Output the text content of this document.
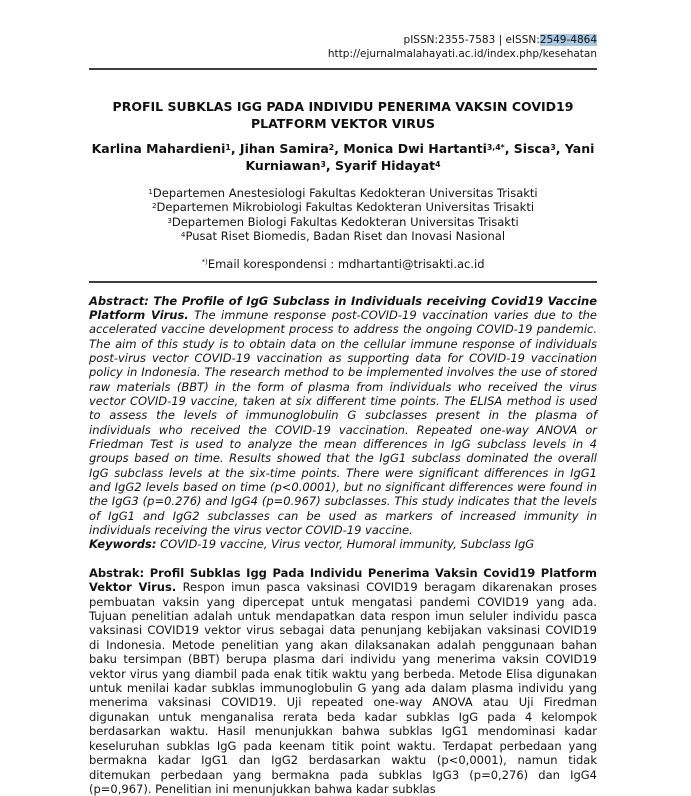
pISSN:2355-7583 | eISSN:2549-4864
http://ejurnalmalahayati.ac.id/index.php/kesehatan
PROFIL SUBKLAS IGG PADA INDIVIDU PENERIMA VAKSIN COVID19 PLATFORM VEKTOR VIRUS
Karlina Mahardieni$^1$, Jihan Samira$^2$, Monica Dwi Hartanti$^{3,4*}$, Sisca$^3$, Yani Kurniawan$^3$, Syarif Hidayat$^4$
$^1$Departemen Anestesiologi Fakultas Kedokteran Universitas Trisakti
$^2$Departemen Mikrobiologi Fakultas Kedokteran Universitas Trisakti
$^3$Departemen Biologi Fakultas Kedokteran Universitas Trisakti
$^4$Pusat Riset Biomedis, Badan Riset dan Inovasi Nasional
*)Email korespondensi : mdhartanti@trisakti.ac.id

Abstract: The Profile of IgG Subclass in Individuals receiving Covid19 Vaccine Platform Virus. The immune response post-COVID-19 vaccination varies due to the accelerated vaccine development process to address the ongoing COVID-19 pandemic. The aim of this study is to obtain data on the cellular immune response of individuals post-virus vector COVID-19 vaccination as supporting data for COVID-19 vaccination policy in Indonesia. The research method to be implemented involves the use of stored raw materials (BBT) in the form of plasma from individuals who received the virus vector COVID-19 vaccine, taken at six different time points. The ELISA method is used to assess the levels of immunoglobulin G subclasses present in the plasma of individuals who received the COVID-19 vaccination. Repeated one-way ANOVA or Friedman Test is used to analyze the mean differences in IgG subclass levels in 4 groups based on time. Results showed that the IgG1 subclass dominated the overall IgG subclass levels at the six-time points. There were significant differences in IgG1 and IgG2 levels based on time (p<0.0001), but no significant differences were found in the IgG3 (p=0.276) and IgG4 (p=0.967) subclasses. This study indicates that the levels of IgG1 and IgG2 subclasses can be used as markers of increased immunity in individuals receiving the virus vector COVID-19 vaccine.

Keywords: COVID-19 vaccine, Virus vector, Humoral immunity, Subclass IgG

Abstrak: Profil Subklas Igg Pada Individu Penerima Vaksin Covid19 Platform Vektor Virus. Respon imun pasca vaksinasi COVID19 beragam dikarenakan proses pembuatan vaksin yang dipercepat untuk mengatasi pandemi COVID19 yang ada. Tujuan penelitian adalah untuk mendapatkan data respon imun seluler individu pasca vaksinasi COVID19 vektor virus sebagai data penunjang kebijakan vaksinasi COVID19 di Indonesia. Metode penelitian yang akan dilaksanakan adalah penggunaan bahan baku tersimpan (BBT) berupa plasma dari individu yang menerima vaksin COVID19 vektor virus yang diambil pada enak titik waktu yang berbeda. Metode Elisa digunakan untuk menilai kadar subklas immunoglobulin G yang ada dalam plasma individu yang menerima vaksinasi COVID19. Uji repeated one-way ANOVA atau Uji Firedman digunakan untuk menganalisa rerata beda kadar subklas IgG pada 4 kelompok berdasarkan waktu. Hasil menunjukkan bahwa subklas IgG1 mendominasi kadar keseluruhan subklas IgG pada keenam titik point waktu. Terdapat perbedaan yang bermakna kadar IgG1 dan IgG2 berdasarkan waktu (p<0,0001), namun tidak ditemukan perbedaan yang bermakna pada subklas IgG3 (p=0,276) dan IgG4 (p=0,967). Penelitian ini menunjukkan bahwa kadar subklas
